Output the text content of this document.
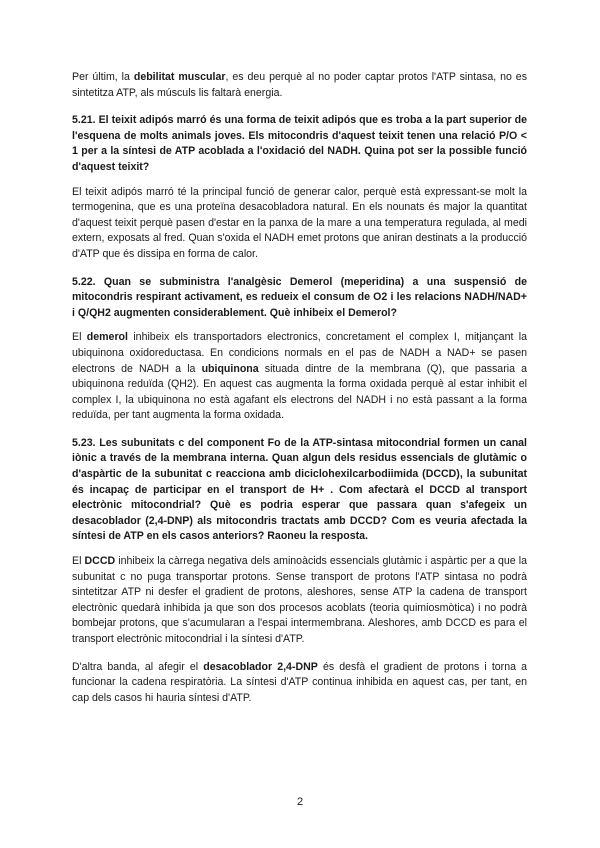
Per últim, la debilitat muscular, es deu perquè al no poder captar protos l'ATP sintasa, no es sintetitza ATP, als músculs lis faltarà energia.

5.21. El teixit adipós marró és una forma de teixit adipós que es troba a la part superior de l'esquena de molts animals joves. Els mitocondris d'aquest teixit tenen una relació P/O < 1 per a la síntesi de ATP acoblada a l'oxidació del NADH. Quina pot ser la possible funció d'aquest teixit?

El teixit adipós marró té la principal funció de generar calor, perquè està expressant-se molt la termogenina, que es una proteïna desacobladora natural. En els nounats és major la quantitat d'aquest teixit perquè pasen d'estar en la panxa de la mare a una temperatura regulada, al medi extern, exposats al fred. Quan s'oxida el NADH emet protons que aniran destinats a la producció d'ATP que és dissipa en forma de calor.

5.22. Quan se subministra l'analgèsic Demerol (meperidina) a una suspensió de mitocondris respirant activament, es redueix el consum de O2 i les relacions NADH/NAD+ i Q/QH2 augmenten considerablement. Què inhibeix el Demerol?

El demerol inhibeix els transportadors electronics, concretament el complex I, mitjançant la ubiquinona oxidoreductasa. En condicions normals en el pas de NADH a NAD+ se pasen electrons de NADH a la ubiquinona situada dintre de la membrana (Q), que passaria a ubiquinona reduïda (QH2). En aquest cas augmenta la forma oxidada perquè al estar inhibit el complex I, la ubiquinona no està agafant els electrons del NADH i no està passant a la forma reduïda, per tant augmenta la forma oxidada.

5.23. Les subunitats c del component Fo de la ATP-sintasa mitocondrial formen un canal iònic a través de la membrana interna. Quan algun dels residus essencials de glutàmic o d'aspàrtic de la subunitat c reacciona amb diciclohexilcarbodiimida (DCCD), la subunitat és incapaç de participar en el transport de H+ . Com afectarà el DCCD al transport electrònic mitocondrial? Què es podria esperar que passara quan s'afegeix un desacoblador (2,4-DNP) als mitocondris tractats amb DCCD? Com es veuria afectada la síntesi de ATP en els casos anteriors? Raoneu la resposta.

El DCCD inhibeix la càrrega negativa dels aminoàcids essencials glutàmic i aspàrtic per a que la subunitat c no puga transportar protons. Sense transport de protons l'ATP sintasa no podrà sintetitzar ATP ni desfer el gradient de protons, aleshores, sense ATP la cadena de transport electrònic quedarà inhibida ja que son dos procesos acoblats (teoria quimiosmòtica) i no podrà bombejar protons, que s'acumularan a l'espai intermembrana. Aleshores, amb DCCD es para el transport electrònic mitocondrial i la síntesi d'ATP.

D'altra banda, al afegir el desacoblador 2,4-DNP és desfà el gradient de protons i torna a funcionar la cadena respiratòria. La síntesi d'ATP continua inhibida en aquest cas, per tant, en cap dels casos hi hauria síntesi d'ATP.

2
